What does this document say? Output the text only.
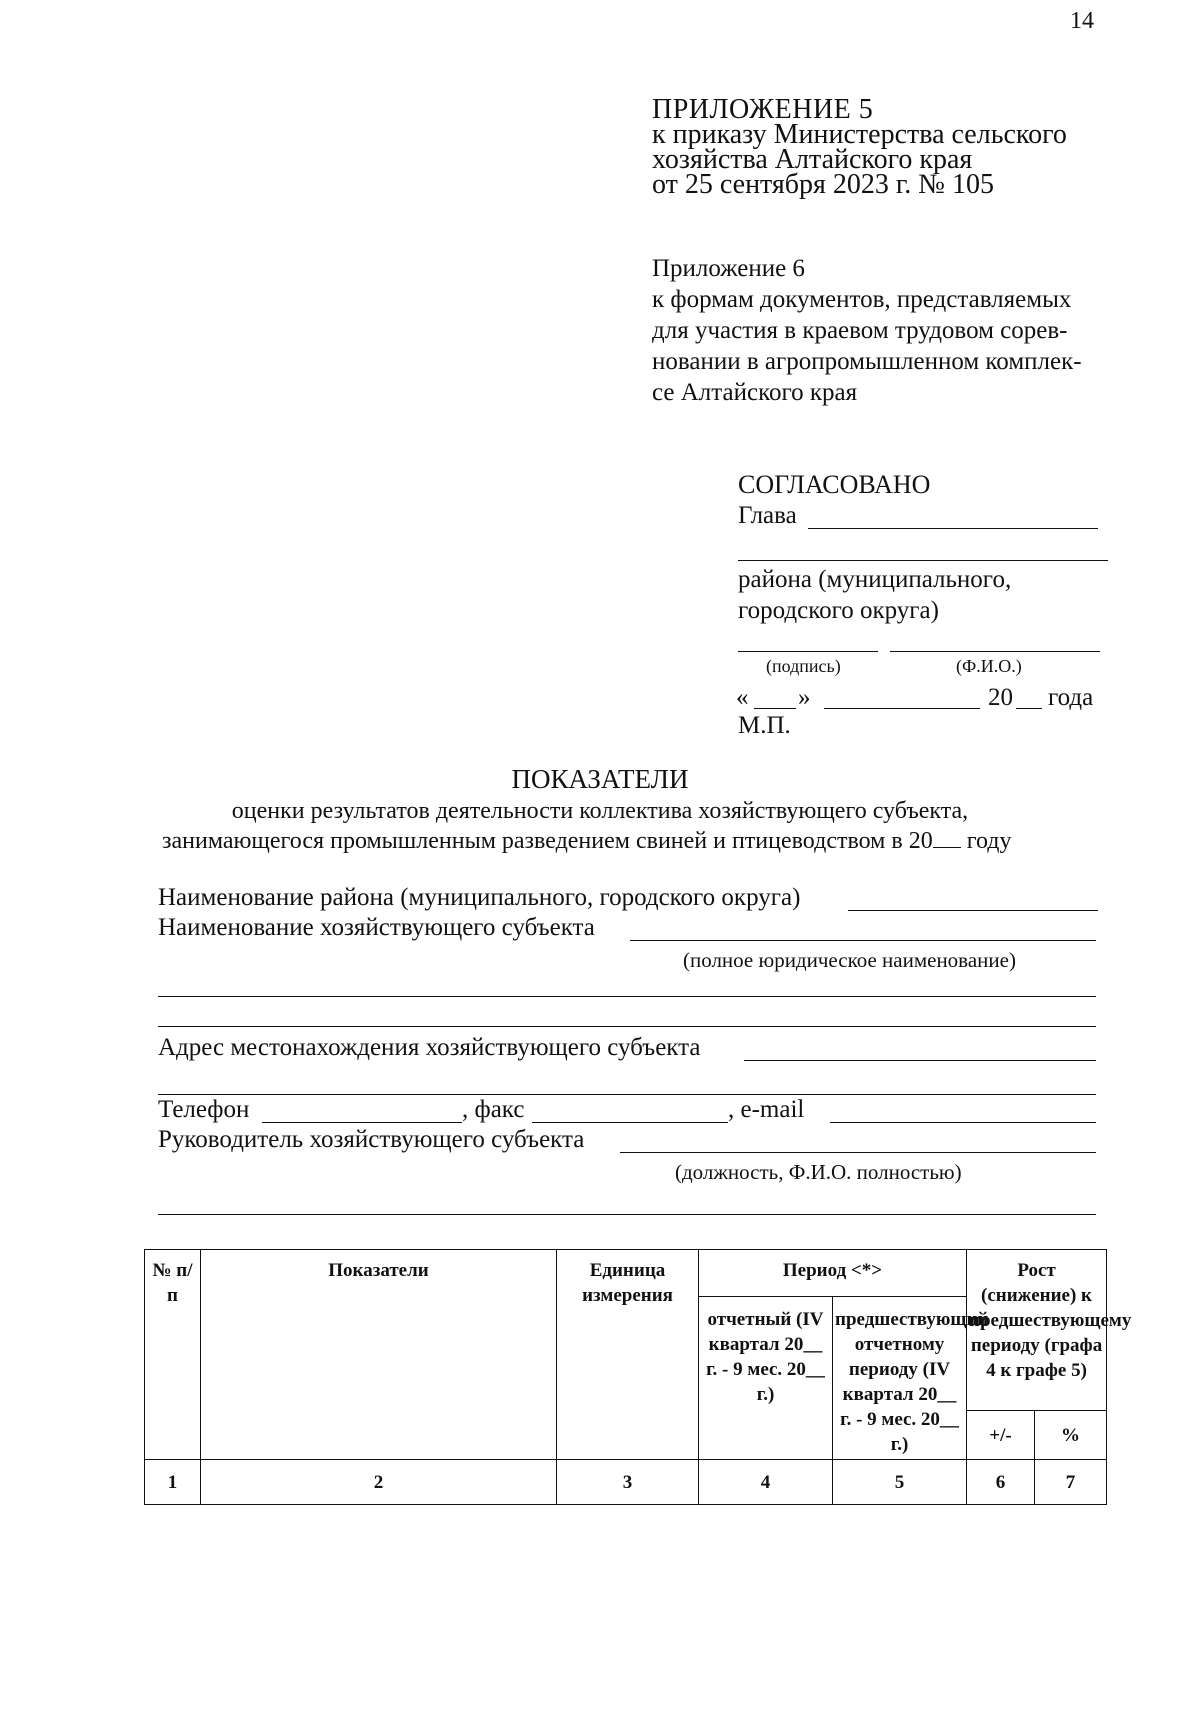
14
ПРИЛОЖЕНИЕ 5
к приказу Министерства сельского
хозяйства Алтайского края
от 25 сентября 2023 г. № 105
Приложение 6
к формам документов, представляемых
для участия в краевом трудовом сорев-
новании в агропромышленном комплек-
се Алтайского края
СОГЛАСОВАНО
Глава
района (муниципального,
городского округа)
(подпись)	(Ф.И.О.)
« »	20 года
М.П.
ПОКАЗАТЕЛИ
оценки результатов деятельности коллектива хозяйствующего субъекта,
занимающегося промышленным разведением свиней и птицеводством в 20 году
Наименование района (муниципального, городского округа)
Наименование хозяйствующего субъекта
(полное юридическое наименование)
Адрес местонахождения хозяйствующего субъекта
Телефон	, факс	, e-mail
Руководитель хозяйствующего субъекта
(должность, Ф.И.О. полностью)
№ п/п	Показатели	Единица измерения	Период <*>		Рост (снижение) к предшествующему периоду (графа 4 к графе 5)	
			отчетный (IV квартал 20__ г. - 9 мес. 20__ г.)	предшествующий отчетному периоду (IV квартал 20__ г. - 9 мес. 20__ г.)		
					+/-	%
1	2	3	4	5	6	7
